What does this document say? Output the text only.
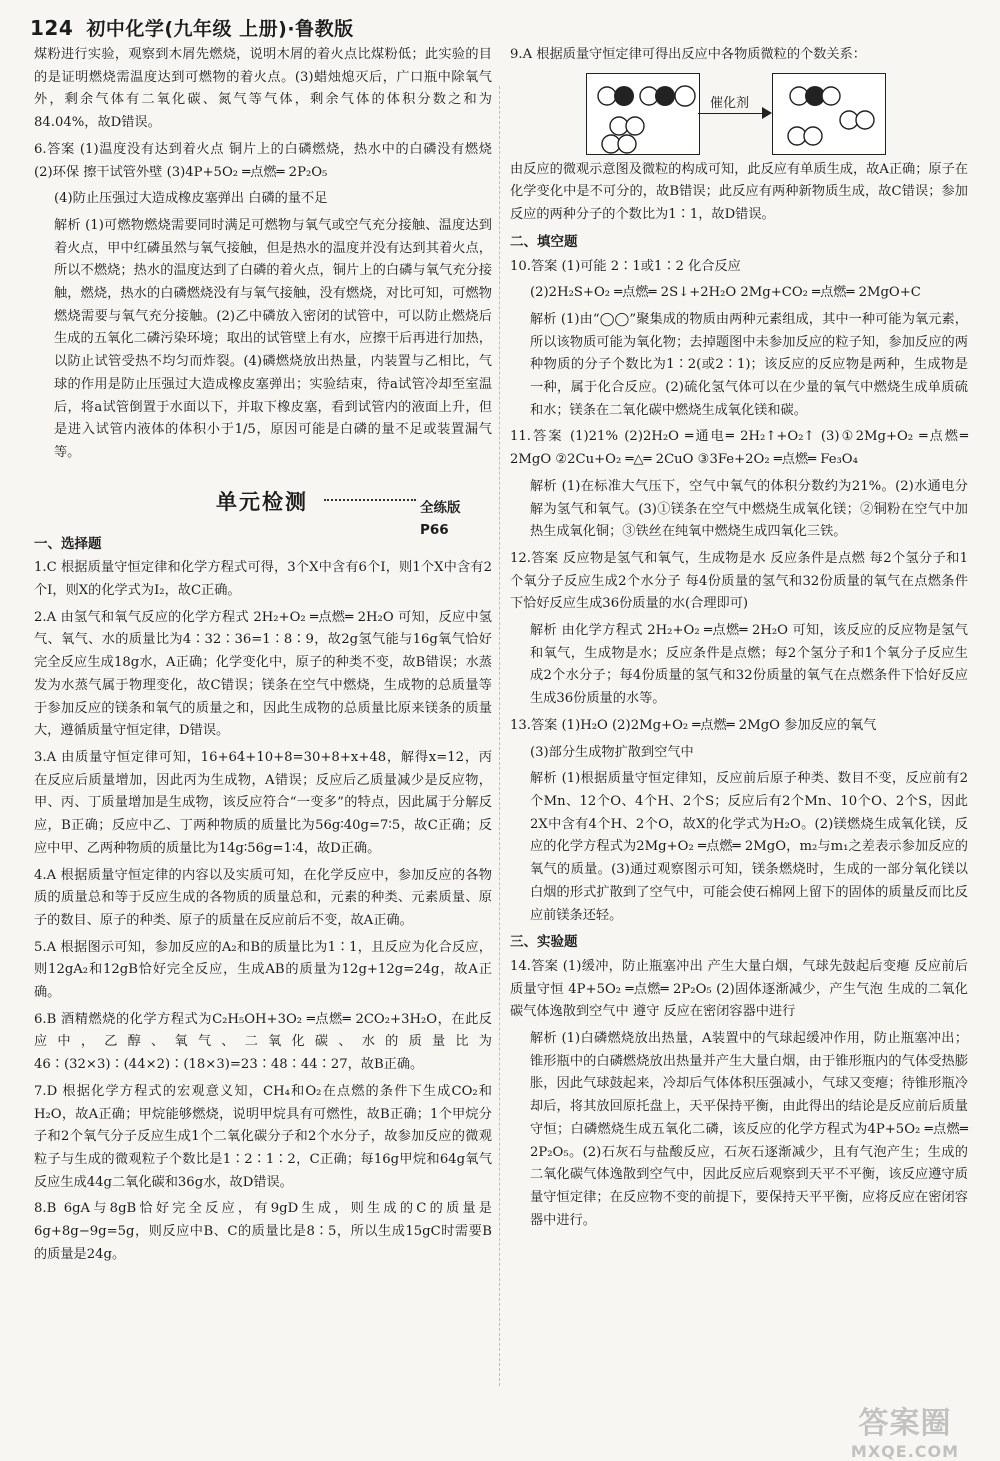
124 初中化学(九年级 上册)·鲁教版

煤粉进行实验，观察到木屑先燃烧，说明木屑的着火点比煤粉低；此实验的目的是证明燃烧需温度达到可燃物的着火点。(3)蜡烛熄灭后，广口瓶中除氧气外，剩余气体有二氧化碳、氮气等气体，剩余气体的体积分数之和为84.04%，故D错误。

6.答案 (1)温度没有达到着火点 铜片上的白磷燃烧，热水中的白磷没有燃烧 (2)环保 擦干试管外壁 (3)4P+5O₂ ═点燃═ 2P₂O₅

(4)防止压强过大造成橡皮塞弹出 白磷的量不足

解析 (1)可燃物燃烧需要同时满足可燃物与氧气或空气充分接触、温度达到着火点，甲中红磷虽然与氧气接触，但是热水的温度并没有达到其着火点，所以不燃烧；热水的温度达到了白磷的着火点，铜片上的白磷与氧气充分接触，燃烧，热水的白磷燃烧没有与氧气接触，没有燃烧，对比可知，可燃物燃烧需要与氧气充分接触。(2)乙中磷放入密闭的试管中，可以防止燃烧后生成的五氧化二磷污染环境；取出的试管壁上有水，应擦干后再进行加热，以防止试管受热不均匀而炸裂。(4)磷燃烧放出热量，内装置与乙相比，气球的作用是防止压强过大造成橡皮塞弹出；实验结束，待a试管冷却至室温后，将a试管倒置于水面以下，并取下橡皮塞，看到试管内的液面上升，但是进入试管内液体的体积小于1/5，原因可能是白磷的量不足或装置漏气等。

单元检测	全练版 P66
一、选择题

1.C 根据质量守恒定律和化学方程式可得，3个X中含有6个I，则1个X中含有2个I，则X的化学式为I₂，故C正确。

2.A 由氢气和氧气反应的化学方程式 2H₂+O₂ ═点燃═ 2H₂O 可知，反应中氢气、氧气、水的质量比为4∶32∶36=1∶8∶9，故2g氢气能与16g氧气恰好完全反应生成18g水，A正确；化学变化中，原子的种类不变，故B错误；水蒸发为水蒸气属于物理变化，故C错误；镁条在空气中燃烧，生成物的总质量等于参加反应的镁条和氧气的质量之和，因此生成物的总质量比原来镁条的质量大，遵循质量守恒定律，D错误。

3.A 由质量守恒定律可知，16+64+10+8=30+8+x+48，解得x=12，丙在反应后质量增加，因此丙为生成物，A错误；反应后乙质量减少是反应物，甲、丙、丁质量增加是生成物，该反应符合“一变多”的特点，因此属于分解反应，B正确；反应中乙、丁两种物质的质量比为56g∶40g=7∶5，故C正确；反应中甲、乙两种物质的质量比为14g∶56g=1∶4，故D正确。

4.A 根据质量守恒定律的内容以及实质可知，在化学反应中，参加反应的各物质的质量总和等于反应生成的各物质的质量总和，元素的种类、元素质量、原子的数目、原子的种类、原子的质量在反应前后不变，故A正确。

5.A 根据图示可知，参加反应的A₂和B的质量比为1∶1，且反应为化合反应，则12gA₂和12gB恰好完全反应，生成AB的质量为12g+12g=24g，故A正确。

6.B 酒精燃烧的化学方程式为C₂H₅OH+3O₂ ═点燃═ 2CO₂+3H₂O，在此反应中，乙醇、氧气、二氧化碳、水的质量比为46∶(32×3)∶(44×2)∶(18×3)=23∶48∶44∶27，故B正确。

7.D 根据化学方程式的宏观意义知，CH₄和O₂在点燃的条件下生成CO₂和H₂O，故A正确；甲烷能够燃烧，说明甲烷具有可燃性，故B正确；1个甲烷分子和2个氧气分子反应生成1个二氧化碳分子和2个水分子，故参加反应的微观粒子与生成的微观粒子个数比是1∶2∶1∶2，C正确；每16g甲烷和64g氧气反应生成44g二氧化碳和36g水，故D错误。

8.B 6gA与8gB恰好完全反应，有9gD生成，则生成的C的质量是6g+8g−9g=5g，则反应中B、C的质量比是8∶5，所以生成15gC时需要B的质量是24g。

9.A 根据质量守恒定律可得出反应中各物质微粒的个数关系：

催化剂

由反应的微观示意图及微粒的构成可知，此反应有单质生成，故A正确；原子在化学变化中是不可分的，故B错误；此反应有两种新物质生成，故C错误；参加反应的两种分子的个数比为1∶1，故D错误。

二、填空题

10.答案 (1)可能 2∶1或1∶2 化合反应

(2)2H₂S+O₂ ═点燃═ 2S↓+2H₂O 2Mg+CO₂ ═点燃═ 2MgO+C

解析 (1)由“◯◯”聚集成的物质由两种元素组成，其中一种可能为氧元素，所以该物质可能为氧化物；去掉题图中未参加反应的粒子知，参加反应的两种物质的分子个数比为1∶2(或2∶1)；该反应的反应物是两种，生成物是一种，属于化合反应。(2)硫化氢气体可以在少量的氧气中燃烧生成单质硫和水；镁条在二氧化碳中燃烧生成氧化镁和碳。

11.答案 (1)21% (2)2H₂O ═通电═ 2H₂↑+O₂↑ (3)①2Mg+O₂ ═点燃═ 2MgO ②2Cu+O₂ ═△═ 2CuO ③3Fe+2O₂ ═点燃═ Fe₃O₄

解析 (1)在标准大气压下，空气中氧气的体积分数约为21%。(2)水通电分解为氢气和氧气。(3)①镁条在空气中燃烧生成氧化镁；②铜粉在空气中加热生成氧化铜；③铁丝在纯氧中燃烧生成四氧化三铁。

12.答案 反应物是氢气和氧气，生成物是水 反应条件是点燃 每2个氢分子和1个氧分子反应生成2个水分子 每4份质量的氢气和32份质量的氧气在点燃条件下恰好反应生成36份质量的水(合理即可)

解析 由化学方程式 2H₂+O₂ ═点燃═ 2H₂O 可知，该反应的反应物是氢气和氧气，生成物是水；反应条件是点燃；每2个氢分子和1个氧分子反应生成2个水分子；每4份质量的氢气和32份质量的氧气在点燃条件下恰好反应生成36份质量的水等。

13.答案 (1)H₂O (2)2Mg+O₂ ═点燃═ 2MgO 参加反应的氧气

(3)部分生成物扩散到空气中

解析 (1)根据质量守恒定律知，反应前后原子种类、数目不变，反应前有2个Mn、12个O、4个H、2个S；反应后有2个Mn、10个O、2个S，因此2X中含有4个H、2个O，故X的化学式为H₂O。(2)镁燃烧生成氧化镁，反应的化学方程式为2Mg+O₂ ═点燃═ 2MgO，m₂与m₁之差表示参加反应的氧气的质量。(3)通过观察图示可知，镁条燃烧时，生成的一部分氧化镁以白烟的形式扩散到了空气中，可能会使石棉网上留下的固体的质量反而比反应前镁条还轻。

三、实验题

14.答案 (1)缓冲，防止瓶塞冲出 产生大量白烟，气球先鼓起后变瘪 反应前后质量守恒 4P+5O₂ ═点燃═ 2P₂O₅ (2)固体逐渐减少，产生气泡 生成的二氧化碳气体逸散到空气中 遵守 反应在密闭容器中进行

解析 (1)白磷燃烧放出热量，A装置中的气球起缓冲作用，防止瓶塞冲出；锥形瓶中的白磷燃烧放出热量并产生大量白烟，由于锥形瓶内的气体受热膨胀，因此气球鼓起来，冷却后气体体积压强减小，气球又变瘪；待锥形瓶冷却后，将其放回原托盘上，天平保持平衡，由此得出的结论是反应前后质量守恒；白磷燃烧生成五氧化二磷，该反应的化学方程式为4P+5O₂ ═点燃═ 2P₂O₅。(2)石灰石与盐酸反应，石灰石逐渐减少，且有气泡产生；生成的二氧化碳气体逸散到空气中，因此反应后观察到天平不平衡，该反应遵守质量守恒定律；在反应物不变的前提下，要保持天平平衡，应将反应在密闭容器中进行。

答案圈
MXQE.COM
